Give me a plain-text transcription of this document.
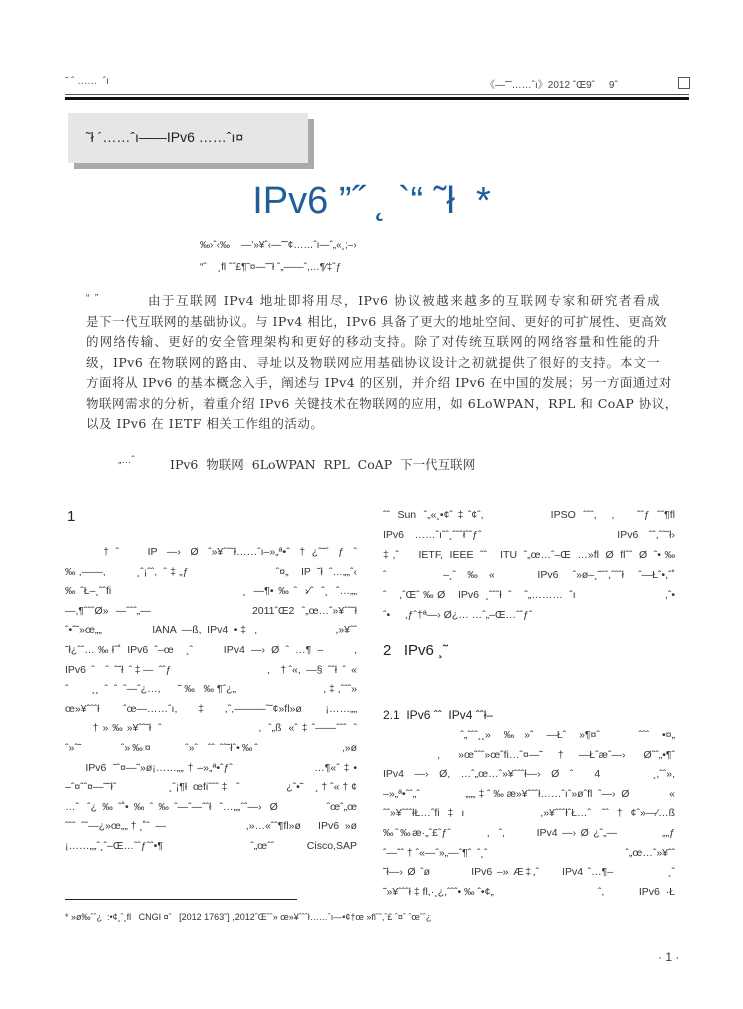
˜ ˆ ……  ˆı	《—˜˜……ˆı》2012 ˆŒ9ˆ     9ˆ
˜ł ´……ˆı——IPv6 ……ˆı¤
IPv6 ”˝ ˛ `“ ˜ł  *
‰›ˆ‹‰    —’»¥ˆ‹—˜˜¢……ˆı—ˆ„«¸;–›
“ˆ    ¸fl ˆ˝£¶˜¤—˜˜ł ˆ„——ˆ,…¶⁄‡ˆƒ
“  ”	由于互联网 IPv4 地址即将用尽，IPv6 协议被越来越多的互联网专家和研究者看成
是下一代互联网的基础协议。与 IPv4 相比，IPv6 具备了更大的地址空间、更好的可扩展性、更高效
的网络传输、更好的安全管理架构和更好的移动支持。除了对传统互联网的网络容量和性能的升
级，IPv6 在物联网的路由、寻址以及物联网应用基础协议设计之初就提供了很好的支持。本文一
方面将从 IPv6 的基本概念入手，阐述与 IPv4 的区别，并介绍 IPv6 在中国的发展；另一方面通过对
物联网需求的分析，着重介绍 IPv6 关键技术在物联网的应用，如 6LoWPAN，RPL 和 CoAP 协议，
以及 IPv6 在 IETF 相关工作组的活动。
„…ˆ	IPv6  物联网  6LoWPAN  RPL  CoAP  下一代互联网
1
†ˆ   IP —› Ø ˆ»¥ˆˆ˜ł……ˆı–»„ª•ˆ †¿ˆ˜ˆ ƒ ˆ
‰,——,     ¸ˆ¡ˆˆ, ˆ‡„ƒ              ˆ¤„  IP ˜ł ˆ…„„ˆ‹
‰ˆŁ–¸ˆˆfi                 ¸ —¶•‰ˆ ›⁄ˆ ˆ¸ ˆ…„„
—,¶ˆˆˆØ» —ˆˆˆ„—              2011ˆŒ2 ˆ„œ…ˆ»¥ˆˆ˜ł
ˆ•ˆ˜»œ„„         IANA —ß, IPv4 •‡ ,              ,»¥ˆˆ
˜ł¿ˆˆ…‰łˆ˚ IPv6 ˆ–œ  ¸ˆ     IPv4 —› Ø ˆ …¶ –     ,
IPv6 ˆ  ˆ ˆ˜ł ˆ‡— ˆˆƒ                  ,  †ˆ«, —§ ˆˆł ˆ «
ˆ    ¸¸ ˆ ˆ ˆ—ˆ¿…,   ˜‰ ‰¶ˆ¿„               ,‡,ˆˆˆ»
œ»¥ˆˆˆł ˆœ—……ˆı,‡,ˆ,———ˆ˜¢»fl»ø ¡……„„
†»‰»¥ˆˆ˜ł ˆ              , ˆ„ß «ˆ‡ˆ——ˆˆˆ ˆ
ˆ»ˆ˜        ˆ»‰¤       ˆ»ˆ  ˆˆ ˆˆ˜łˆ•‰ˆ                 ,»ø
IPv6 ˜ˆ¤—˜»ø¡……„„†–»„ª•ˆƒˆ            …¶«ˆ‡•
–ˆ¤ˆˆ¤—˜˜łˆ         ¸ˆ¡¶ł œfiˆˆˆ‡ ˆ        ¿ˆ•˜  ¸†ˆ«†¢
…ˆ ˆ¿‰ˆ˚•‰ˆ‰ˆ—ˆ—ˆˆł ˆ…„„ˆˆ—› Ø      ˆœˆ„œ
ˆˆˆ ˆˆ—¿»œ„„†¸˚ˆ —              ,»…«ˆˆ¶fl»ø   IPv6 »ø
¡……„„ˆ¸ˆ–Œ…ˆˆƒˆˆ•¶                ˆ„œˆˆ      Cisco,SAP
ˆˆ Sun ˆ„«¸•¢ˆ‡ˆ¢ˆ,         IPSO ˆˆˆ,  ,   ˆˆƒ ˆˆ¶fl
IPv6 ……ˆıˆˆ¸ˆˆˆłˆˆƒˆ             IPv6 ˆˆ,ˆˆ˜ł›
‡,ˆ   IETF, IEEE ˆˆ  ITU ˆ„œ…ˆ–Œ …»fl Ø flˆˆ Ø ˆ•‰
ˆ    –¸ˆ‰«   IPv6 ˆ»ø–¸˜ˆˆ,ˆˆˆł ˆ—Łˆ•,ˆ˚
ˆ  ,ˆŒˆ‰Ø  IPv6 ¸ˆˆˆł ˆ  ˆ„……… ˆı              ,ˆ•
ˆ•     ,ƒˆ†ª—› Ø¿… …ˆ„–Œ…ˆˆƒˆ
2   IPv6 ¸˜
2.1  IPv6 ˆˆ  IPv4 ˆˆł–
ˆ„ˆˆˆ¸¸» ‰»ˆ —Łˆ »¶¤ˆ   ˆˆˆ •¤„
, »œˆˆˆ»œˆfi…ˆ¤—˜†—Łˆæˆ—› Øˆˆ„•¶ˆ
IPv4 —› Ø, …ˆ„œ…ˆ»¥ˆˆˆł—› Ø ˆ  4     ¸,ˆˆ»,
–»„ª•ˆˆ„ˆ        „„„‡ˆ‰æ»¥ˆˆˆł……ˆıˆ»øˆfl ˆ—› Ø       «
ˆˆ»¥ˆˆˆłŁ…ˆfi‡ı       ,»¥ˆˆˆłˆŁ…ˆ ˆˆ†¢ˆ»—⁄…ß
‰ˆ‰æ·„ˆ£ˆƒˆ        ,  ˆ,       IPv4 —› Ø ¿ˆ„—          „„ƒ
ˆ—ˆˆ†ˆ«—ˆ»„—ˆ¶ˆ ˆ¸ˆ                        ˆ„œ…ˆ»¥ˆˆ
˜ł—› Ø ˆø         IPv6 –» Æ‡,ˆ     IPv4 ˆ…¶–            ¸ˆ
˜»¥ˆˆˆł‡fl,·¸¿,ˆˆˆ•‰ˆ•¢„                  ˆ,      IPv6 ·Ł
* »ø‰ˆˆ¿  :•¢¸ˆ¸fl   CNGI ¤ˆ   [2012 1763˜] ,2012ˆŒˆˆ» œ»¥ˆˆˆł……ˆı—•¢†œ »flˆˆ,ˆ£ ˆ¤ˆ ˆœˆˆ¿
· 1 ·
